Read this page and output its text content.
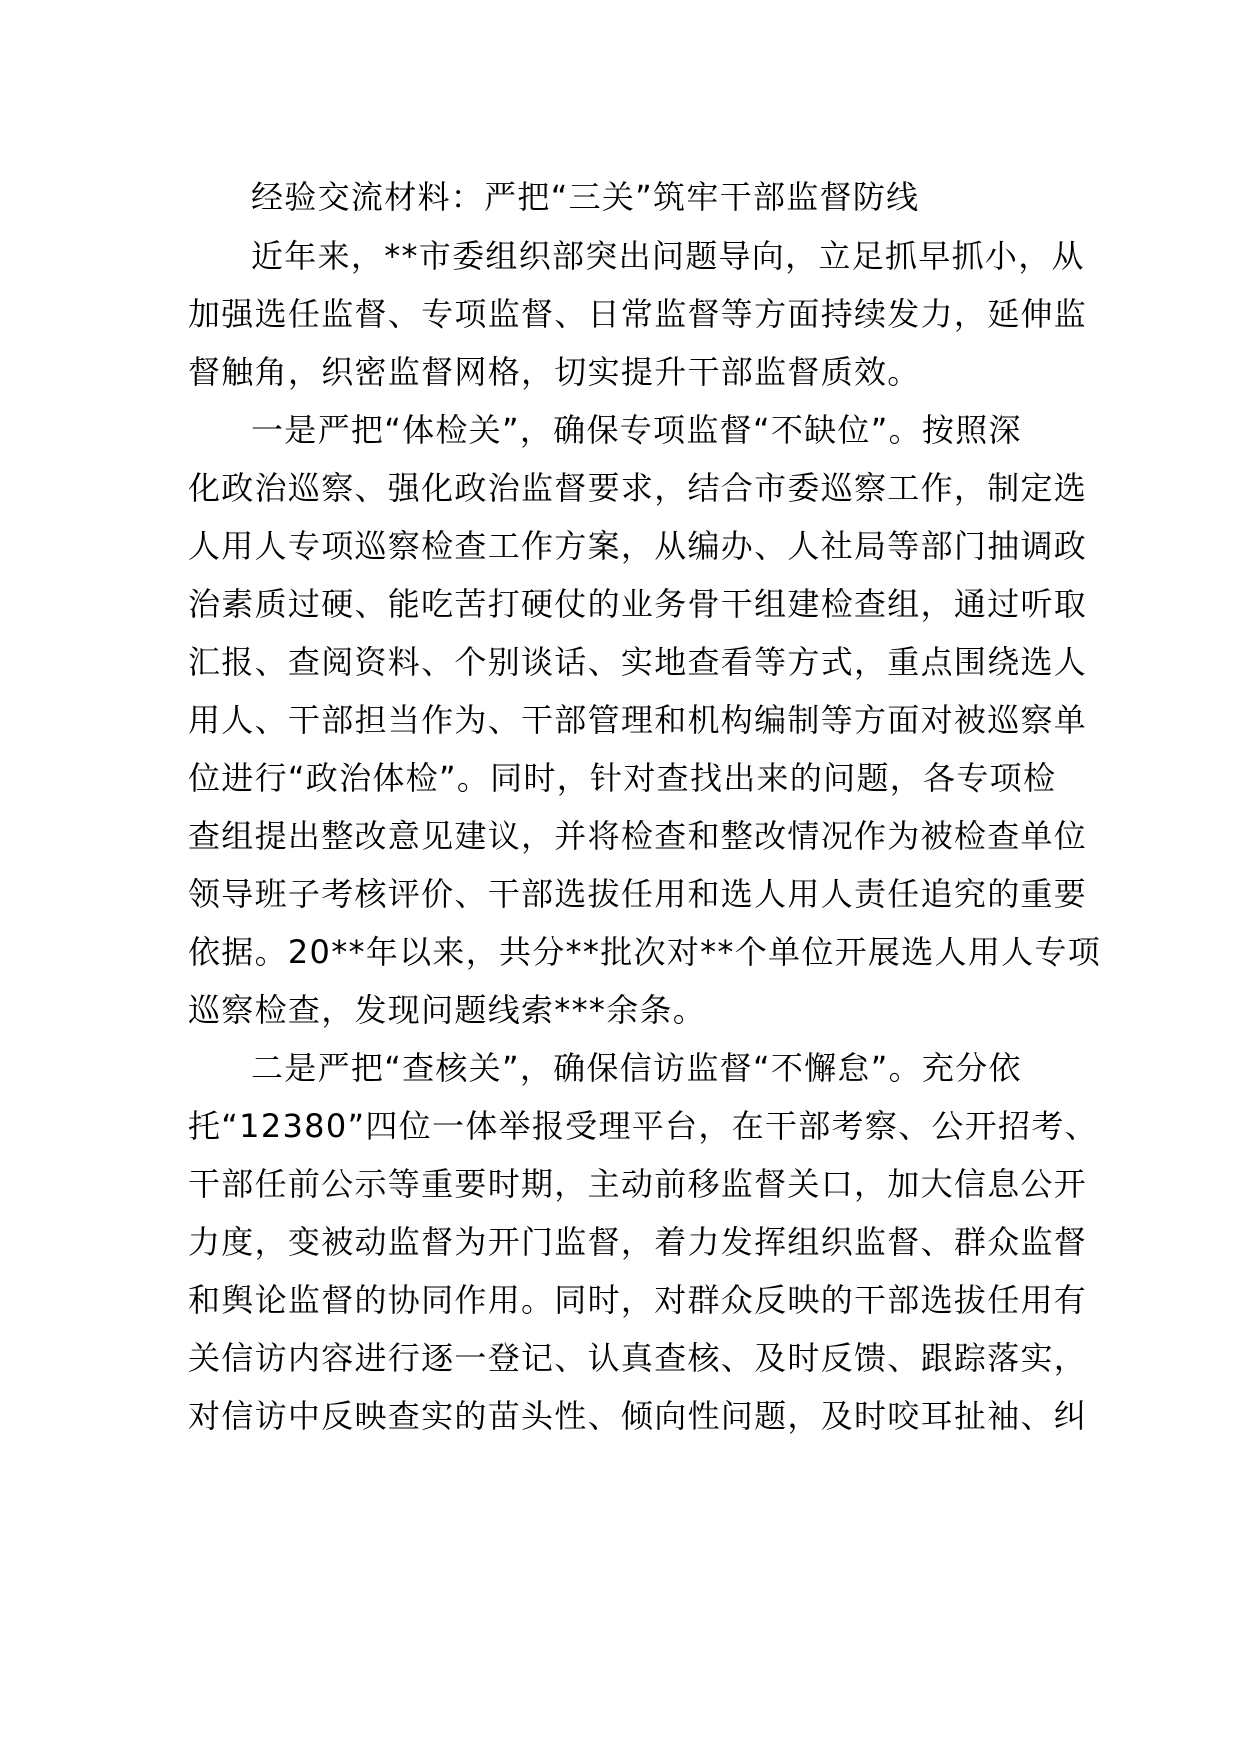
经验交流材料：严把“三关”筑牢干部监督防线
近年来，**市委组织部突出问题导向，立足抓早抓小，从
加强选任监督、专项监督、日常监督等方面持续发力，延伸监
督触角，织密监督网格，切实提升干部监督质效。
一是严把“体检关”，确保专项监督“不缺位”。按照深
化政治巡察、强化政治监督要求，结合市委巡察工作，制定选
人用人专项巡察检查工作方案，从编办、人社局等部门抽调政
治素质过硬、能吃苦打硬仗的业务骨干组建检查组，通过听取
汇报、查阅资料、个别谈话、实地查看等方式，重点围绕选人
用人、干部担当作为、干部管理和机构编制等方面对被巡察单
位进行“政治体检”。同时，针对查找出来的问题，各专项检
查组提出整改意见建议，并将检查和整改情况作为被检查单位
领导班子考核评价、干部选拔任用和选人用人责任追究的重要
依据。20**年以来，共分**批次对**个单位开展选人用人专项
巡察检查，发现问题线索***余条。
二是严把“查核关”，确保信访监督“不懈怠”。充分依
托“12380”四位一体举报受理平台，在干部考察、公开招考、
干部任前公示等重要时期，主动前移监督关口，加大信息公开
力度，变被动监督为开门监督，着力发挥组织监督、群众监督
和舆论监督的协同作用。同时，对群众反映的干部选拔任用有
关信访内容进行逐一登记、认真查核、及时反馈、跟踪落实，
对信访中反映查实的苗头性、倾向性问题，及时咬耳扯袖、纠
